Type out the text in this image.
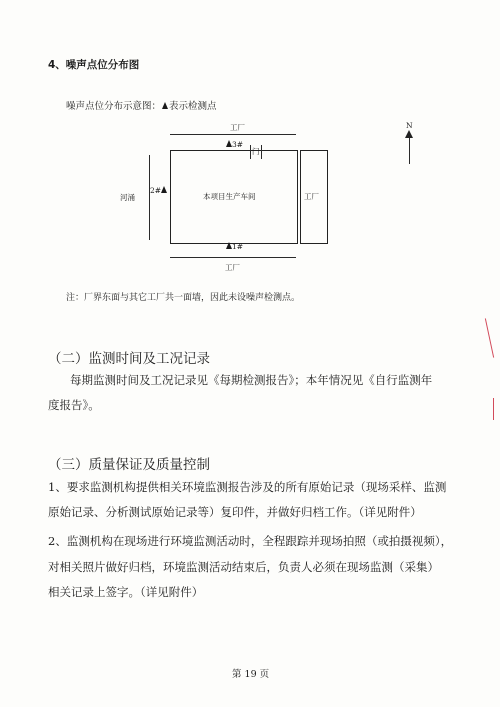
4、噪声点位分布图
噪声点位分布示意图： 表示检测点
工厂
河涌	本项目生产车间
门
工厂
工厂
3#
2#
1#
N
注：厂界东面与其它工厂共一面墙，因此未设噪声检测点。
（二）监测时间及工况记录
每期监测时间及工况记录见《每期检测报告》；本年情况见《自行监测年
度报告》。
（三）质量保证及质量控制
1、要求监测机构提供相关环境监测报告涉及的所有原始记录（现场采样、监测
原始记录、分析测试原始记录等）复印件，并做好归档工作。（详见附件）
2、监测机构在现场进行环境监测活动时，全程跟踪并现场拍照（或拍摄视频），
对相关照片做好归档，环境监测活动结束后，负责人必须在现场监测（采集）
相关记录上签字。（详见附件）
第 19 页
